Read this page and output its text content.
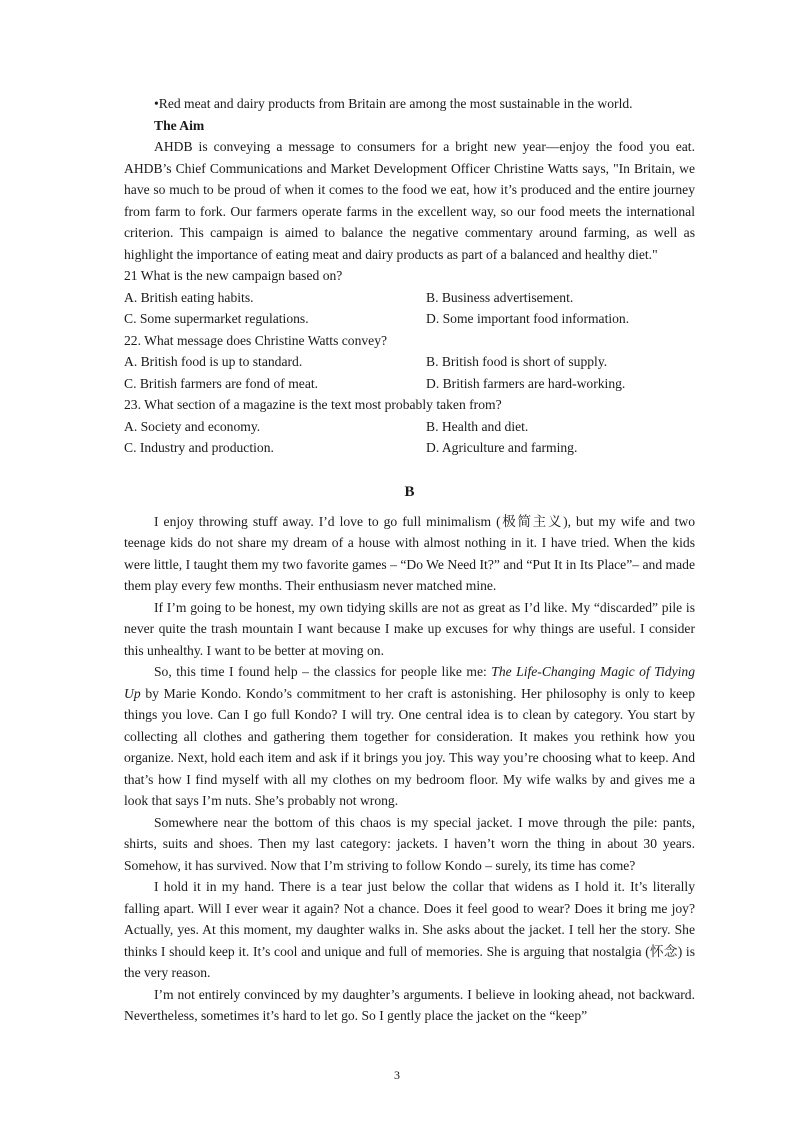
•Red meat and dairy products from Britain are among the most sustainable in the world.

The Aim

AHDB is conveying a message to consumers for a bright new year—enjoy the food you eat. AHDB’s Chief Communications and Market Development Officer Christine Watts says, "In Britain, we have so much to be proud of when it comes to the food we eat, how it’s produced and the entire journey from farm to fork. Our farmers operate farms in the excellent way, so our food meets the international criterion. This campaign is aimed to balance the negative commentary around farming, as well as highlight the importance of eating meat and dairy products as part of a balanced and healthy diet."

21 What is the new campaign based on?

A. British eating habits.	B. Business advertisement.

C. Some supermarket regulations.	D. Some important food information.

22. What message does Christine Watts convey?

A. British food is up to standard.	B. British food is short of supply.

C. British farmers are fond of meat.	D. British farmers are hard-working.

23. What section of a magazine is the text most probably taken from?

A. Society and economy.	B. Health and diet.

C. Industry and production.	D. Agriculture and farming.

B

I enjoy throwing stuff away. I’d love to go full minimalism (极简主义), but my wife and two teenage kids do not share my dream of a house with almost nothing in it. I have tried. When the kids were little, I taught them my two favorite games – “Do We Need It?” and “Put It in Its Place”– and made them play every few months. Their enthusiasm never matched mine.

If I’m going to be honest, my own tidying skills are not as great as I’d like. My “discarded” pile is never quite the trash mountain I want because I make up excuses for why things are useful. I consider this unhealthy. I want to be better at moving on.

So, this time I found help – the classics for people like me: The Life-Changing Magic of Tidying Up by Marie Kondo. Kondo’s commitment to her craft is astonishing. Her philosophy is only to keep things you love. Can I go full Kondo? I will try. One central idea is to clean by category. You start by collecting all clothes and gathering them together for consideration. It makes you rethink how you organize. Next, hold each item and ask if it brings you joy. This way you’re choosing what to keep. And that’s how I find myself with all my clothes on my bedroom floor. My wife walks by and gives me a look that says I’m nuts. She’s probably not wrong.

Somewhere near the bottom of this chaos is my special jacket. I move through the pile: pants, shirts, suits and shoes. Then my last category: jackets. I haven’t worn the thing in about 30 years. Somehow, it has survived. Now that I’m striving to follow Kondo – surely, its time has come?

I hold it in my hand. There is a tear just below the collar that widens as I hold it. It’s literally falling apart. Will I ever wear it again? Not a chance. Does it feel good to wear? Does it bring me joy? Actually, yes. At this moment, my daughter walks in. She asks about the jacket. I tell her the story. She thinks I should keep it. It’s cool and unique and full of memories. She is arguing that nostalgia (怀念) is the very reason.

I’m not entirely convinced by my daughter’s arguments. I believe in looking ahead, not backward. Nevertheless, sometimes it’s hard to let go. So I gently place the jacket on the “keep”

3
